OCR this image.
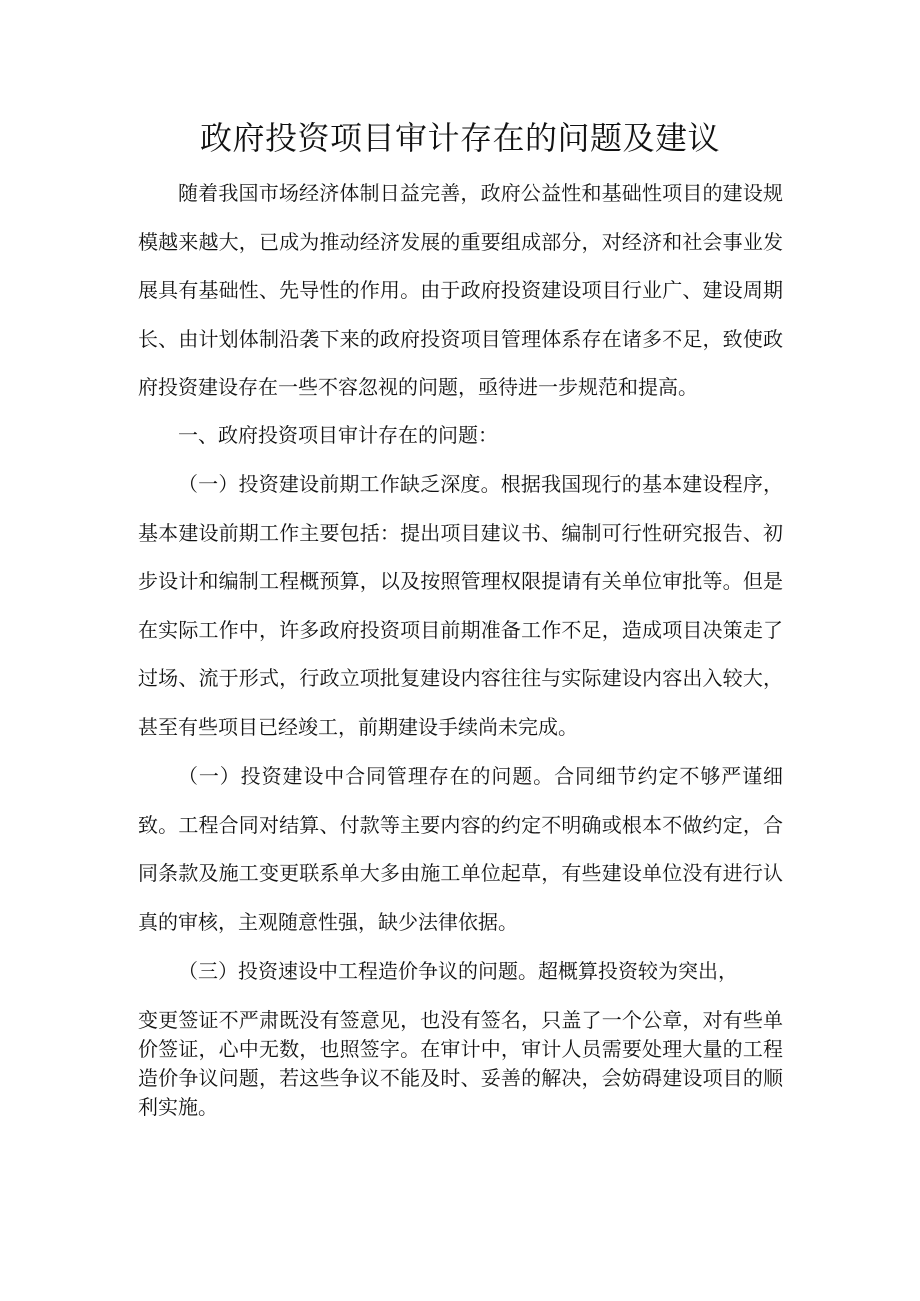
政府投资项目审计存在的问题及建议

随着我国市场经济体制日益完善，政府公益性和基础性项目的建设规模越来越大，已成为推动经济发展的重要组成部分，对经济和社会事业发展具有基础性、先导性的作用。由于政府投资建设项目行业广、建设周期长、由计划体制沿袭下来的政府投资项目管理体系存在诸多不足，致使政府投资建设存在一些不容忽视的问题，亟待进一步规范和提高。

一、政府投资项目审计存在的问题：

（一）投资建设前期工作缺乏深度。根据我国现行的基本建设程序，基本建设前期工作主要包括：提出项目建议书、编制可行性研究报告、初步设计和编制工程概预算，以及按照管理权限提请有关单位审批等。但是在实际工作中，许多政府投资项目前期准备工作不足，造成项目决策走了过场、流于形式，行政立项批复建设内容往往与实际建设内容出入较大，甚至有些项目已经竣工，前期建设手续尚未完成。

（一）投资建设中合同管理存在的问题。合同细节约定不够严谨细致。工程合同对结算、付款等主要内容的约定不明确或根本不做约定，合同条款及施工变更联系单大多由施工单位起草，有些建设单位没有进行认真的审核，主观随意性强，缺少法律依据。

（三）投资速设中工程造价争议的问题。超概算投资较为突出，

变更签证不严肃既没有签意见，也没有签名，只盖了一个公章，对有些单价签证，心中无数，也照签字。在审计中，审计人员需要处理大量的工程造价争议问题，若这些争议不能及时、妥善的解决，会妨碍建设项目的顺利实施。
